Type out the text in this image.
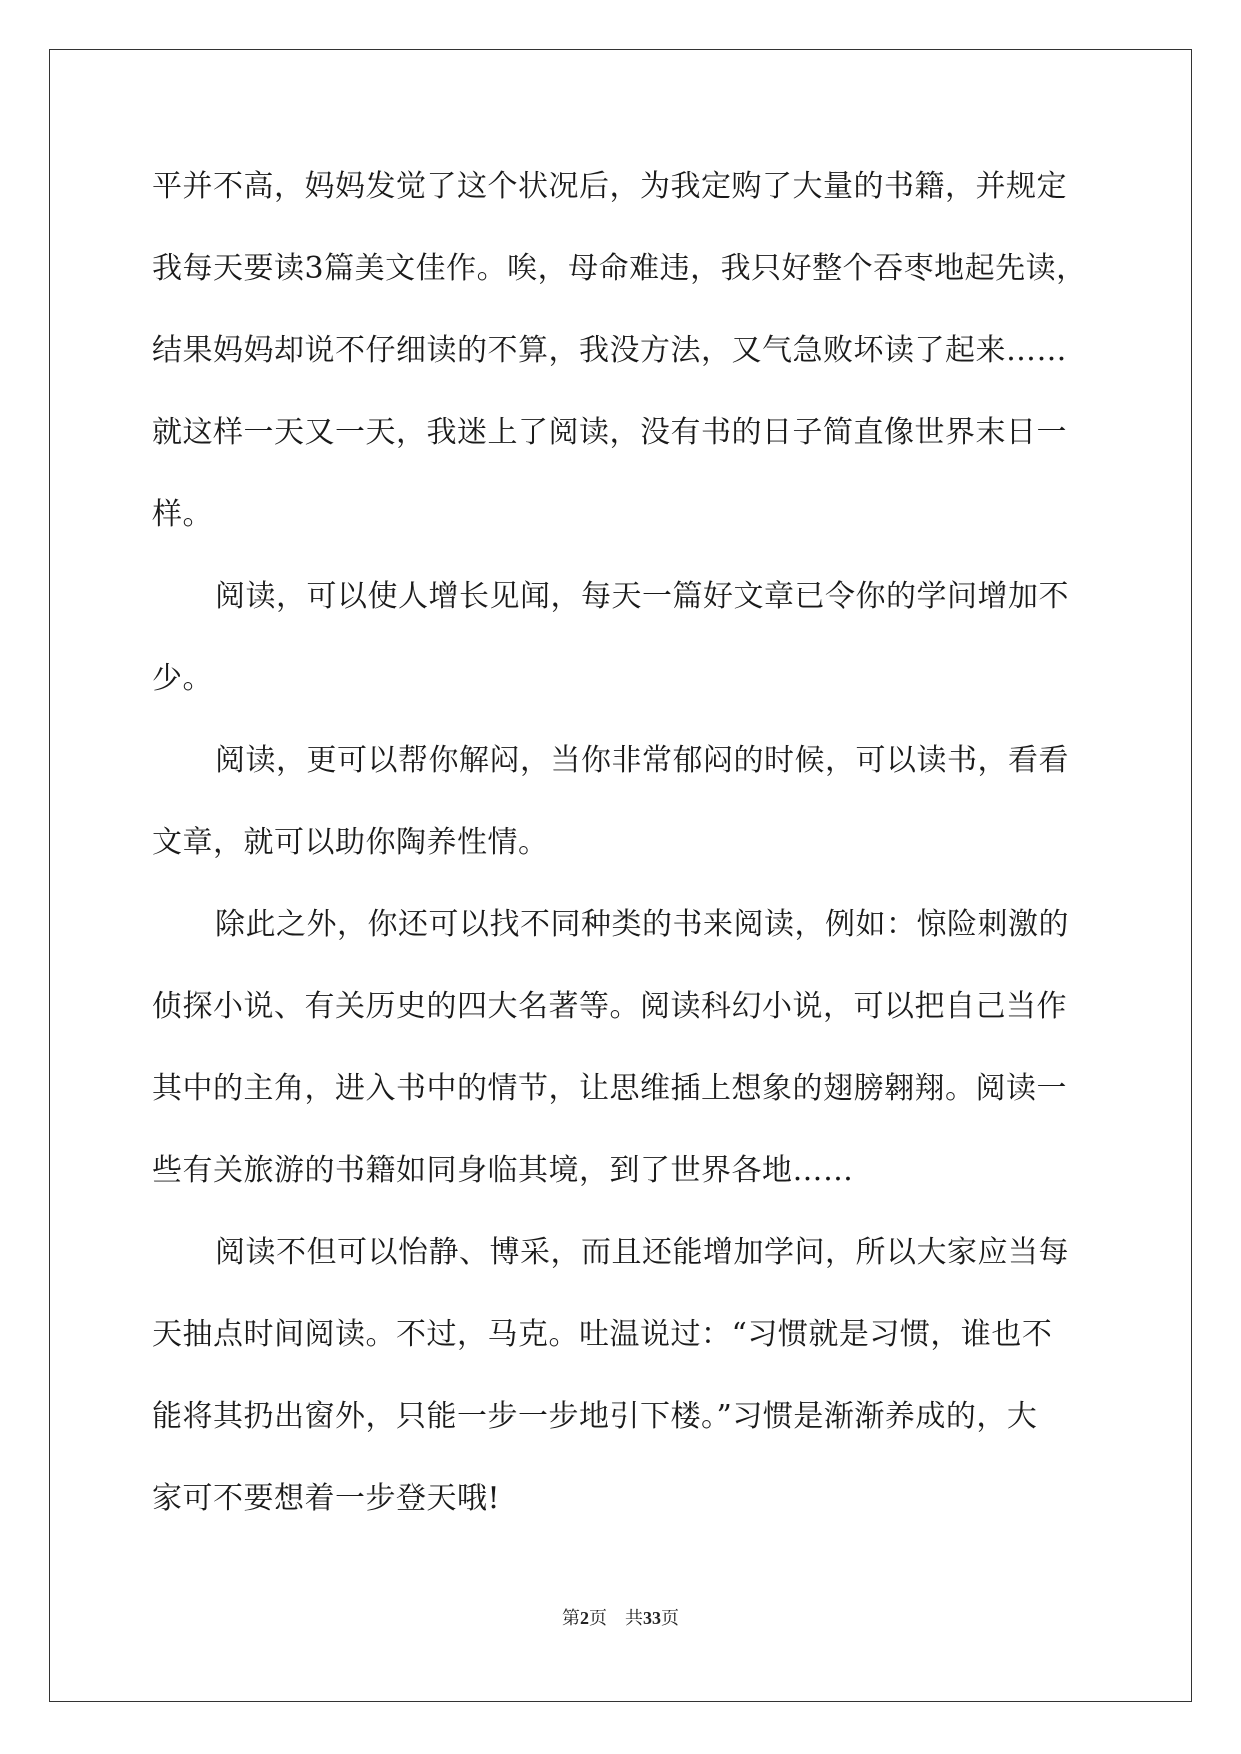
平并不高，妈妈发觉了这个状况后，为我定购了大量的书籍，并规定
我每天要读3篇美文佳作。唉，母命难违，我只好整个吞枣地起先读，
结果妈妈却说不仔细读的不算，我没方法，又气急败坏读了起来……
就这样一天又一天，我迷上了阅读，没有书的日子简直像世界末日一
样。
阅读，可以使人增长见闻，每天一篇好文章已令你的学问增加不
少。
阅读，更可以帮你解闷，当你非常郁闷的时候，可以读书，看看
文章，就可以助你陶养性情。
除此之外，你还可以找不同种类的书来阅读，例如：惊险刺激的
侦探小说、有关历史的四大名著等。阅读科幻小说，可以把自己当作
其中的主角，进入书中的情节，让思维插上想象的翅膀翱翔。阅读一
些有关旅游的书籍如同身临其境，到了世界各地……
阅读不但可以怡静、博采，而且还能增加学问，所以大家应当每
天抽点时间阅读。不过，马克。吐温说过：“习惯就是习惯，谁也不
能将其扔出窗外，只能一步一步地引下楼。”习惯是渐渐养成的，大
家可不要想着一步登天哦!
第2页 共33页
